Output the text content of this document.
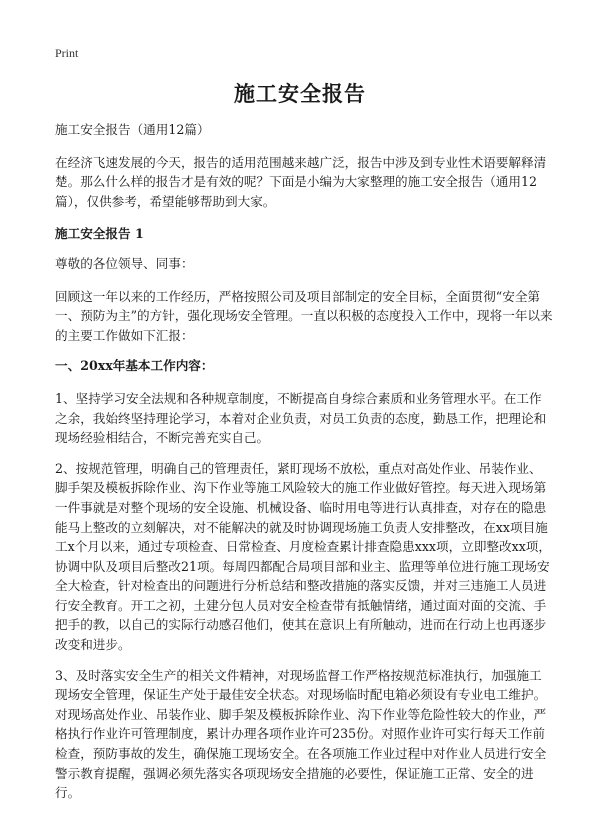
Print
施工安全报告

施工安全报告（通用12篇）

在经济飞速发展的今天，报告的适用范围越来越广泛，报告中涉及到专业性术语要解释清楚。那么什么样的报告才是有效的呢？下面是小编为大家整理的施工安全报告（通用12篇），仅供参考，希望能够帮助到大家。

施工安全报告 1

尊敬的各位领导、同事：

回顾这一年以来的工作经历，严格按照公司及项目部制定的安全目标，全面贯彻“安全第一、预防为主”的方针，强化现场安全管理。一直以积极的态度投入工作中，现将一年以来的主要工作做如下汇报：

一、20xx年基本工作内容：

1、坚持学习安全法规和各种规章制度，不断提高自身综合素质和业务管理水平。在工作之余，我始终坚持理论学习，本着对企业负责，对员工负责的态度，勤恳工作，把理论和现场经验相结合，不断完善充实自己。

2、按规范管理，明确自己的管理责任，紧盯现场不放松，重点对高处作业、吊装作业、脚手架及模板拆除作业、沟下作业等施工风险较大的施工作业做好管控。每天进入现场第一件事就是对整个现场的安全设施、机械设备、临时用电等进行认真排查，对存在的隐患能马上整改的立刻解决，对不能解决的就及时协调现场施工负责人安排整改，在xx项目施工x个月以来，通过专项检查、日常检查、月度检查累计排查隐患xxx项，立即整改xx项，协调中队及项目后整改21项。每周四都配合局项目部和业主、监理等单位进行施工现场安全大检查，针对检查出的问题进行分析总结和整改措施的落实反馈，并对三违施工人员进行安全教育。开工之初，土建分包人员对安全检查带有抵触情绪，通过面对面的交流、手把手的教，以自己的实际行动感召他们，使其在意识上有所触动，进而在行动上也再逐步改变和进步。

3、及时落实安全生产的相关文件精神，对现场监督工作严格按规范标准执行，加强施工现场安全管理，保证生产处于最佳安全状态。对现场临时配电箱必须设有专业电工维护。对现场高处作业、吊装作业、脚手架及模板拆除作业、沟下作业等危险性较大的作业，严格执行作业许可管理制度，累计办理各项作业许可235份。对照作业许可实行每天工作前检查，预防事故的发生，确保施工现场安全。在各项施工作业过程中对作业人员进行安全警示教育提醒，强调必须先落实各项现场安全措施的必要性，保证施工正常、安全的进行。
